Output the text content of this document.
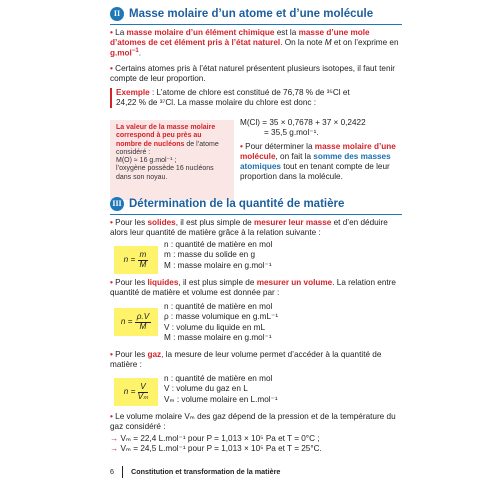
II Masse molaire d’un atome et d’une molécule

• La masse molaire d’un élément chimique est la masse d’une mole d’atomes de cet élément pris à l’état naturel. On la note M et on l’exprime en g.mol$^{-1}$.

• Certains atomes pris à l’état naturel présentent plusieurs isotopes, il faut tenir compte de leur proportion.

Exemple : L’atome de chlore est constitué de 76,78 % de ³⁵Cl et
24,22 % de ³⁷Cl. La masse molaire du chlore est donc :
La valeur de la masse molaire correspond à peu près au nombre de nucléons de l’atome considéré :
M(O) ≈ 16 g.mol⁻¹ ;
l’oxygène possède 16 nucléons dans son noyau.
M(Cl) = 35 × 0,7678 + 37 × 0,2422
= 35,5 g.mol⁻¹.

• Pour déterminer la masse molaire d’une molécule, on fait la somme des masses atomiques tout en tenant compte de leur proportion dans la molécule.

III Détermination de la quantité de matière

• Pour les solides, il est plus simple de mesurer leur masse et d’en déduire alors leur quantité de matière grâce à la relation suivante :

n =
$\frac{m}{M}$
n : quantité de matière en mol
m : masse du solide en g
M : masse molaire en g.mol⁻¹

• Pour les liquides, il est plus simple de mesurer un volume. La relation entre quantité de matière et volume est donnée par :

n =
$\frac{\rho.V}{M}$
n : quantité de matière en mol
ρ : masse volumique en g.mL⁻¹
V : volume du liquide en mL
M : masse molaire en g.mol⁻¹

• Pour les gaz, la mesure de leur volume permet d’accéder à la quantité de matière :

n =
$\frac{V}{\text{Vₘ}}$
n : quantité de matière en mol
V : volume du gaz en L
Vₘ : volume molaire en L.mol⁻¹

• Le volume molaire Vₘ des gaz dépend de la pression et de la température du gaz considéré :

→ Vₘ = 22,4 L.mol⁻¹ pour P = 1,013 × 10⁵ Pa et T = 0°C ;
→ Vₘ = 24,5 L.mol⁻¹ pour P = 1,013 × 10⁵ Pa et T = 25°C.
6 Constitution et transformation de la matière
